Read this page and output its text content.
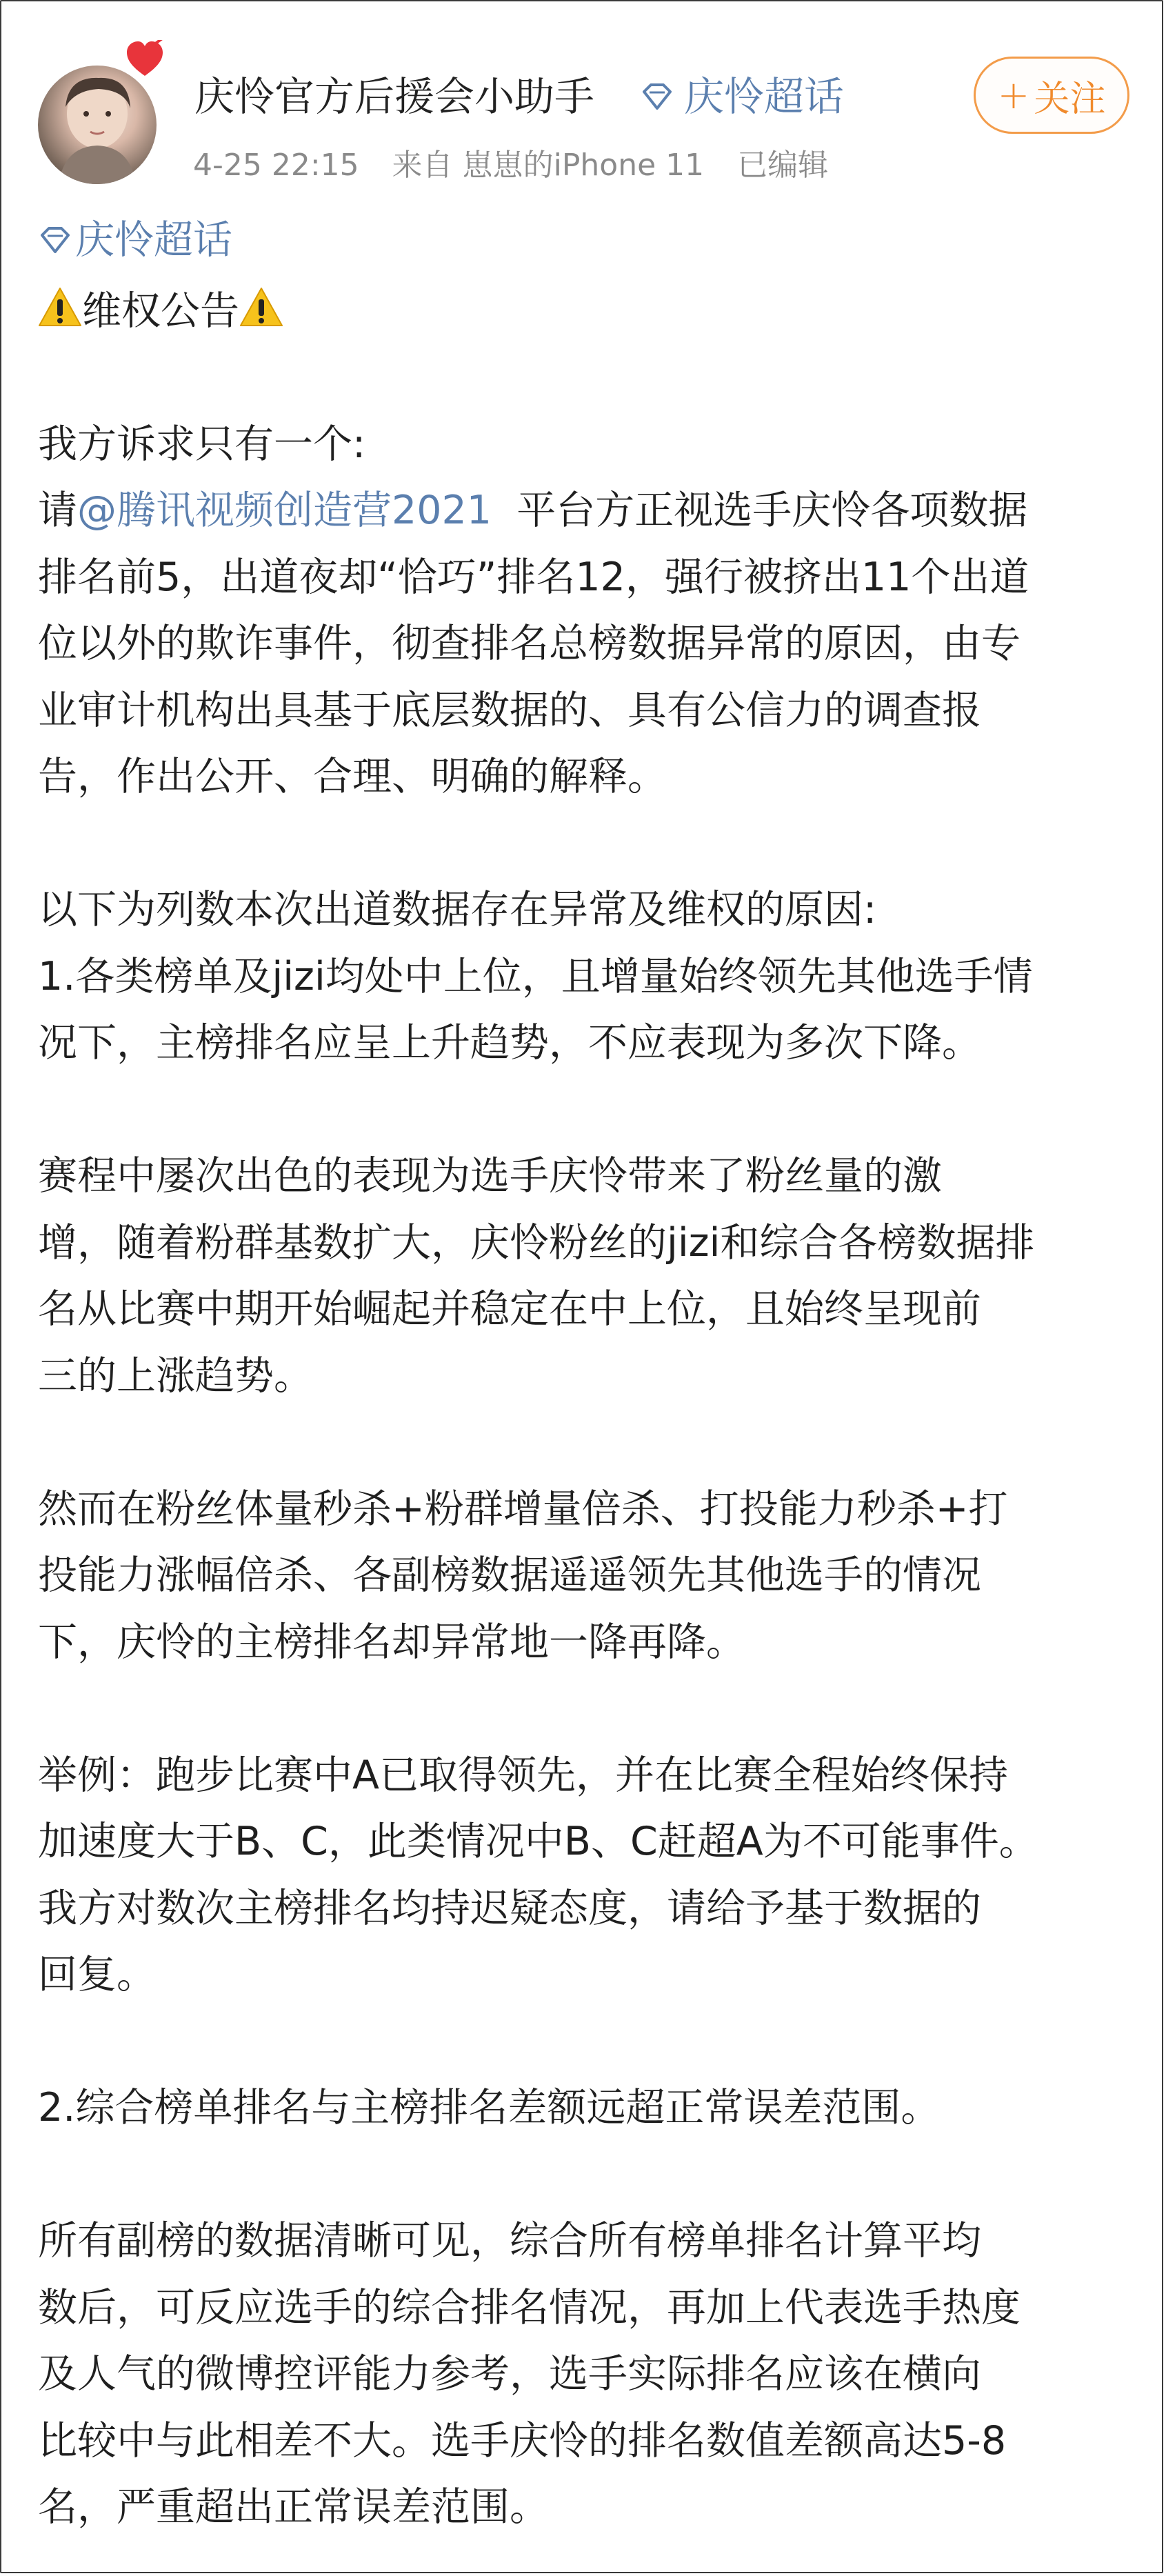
庆怜官方后援会小助手 庆怜超话
4-25 22:15 来自 崽崽的iPhone 11 已编辑
+ 关注

庆怜超话

维权公告

我方诉求只有一个:

请@腾讯视频创造营2021  平台方正视选手庆怜各项数据

排名前5，出道夜却“恰巧”排名12，强行被挤出11个出道

位以外的欺诈事件，彻查排名总榜数据异常的原因，由专

业审计机构出具基于底层数据的、具有公信力的调查报

告，作出公开、合理、明确的解释。

以下为列数本次出道数据存在异常及维权的原因:

1.各类榜单及jizi均处中上位，且增量始终领先其他选手情

况下，主榜排名应呈上升趋势，不应表现为多次下降。

赛程中屡次出色的表现为选手庆怜带来了粉丝量的激

增，随着粉群基数扩大，庆怜粉丝的jizi和综合各榜数据排

名从比赛中期开始崛起并稳定在中上位，且始终呈现前

三的上涨趋势。

然而在粉丝体量秒杀+粉群增量倍杀、打投能力秒杀+打

投能力涨幅倍杀、各副榜数据遥遥领先其他选手的情况

下，庆怜的主榜排名却异常地一降再降。

举例：跑步比赛中A已取得领先，并在比赛全程始终保持

加速度大于B、C，此类情况中B、C赶超A为不可能事件。

我方对数次主榜排名均持迟疑态度，请给予基于数据的

回复。

2.综合榜单排名与主榜排名差额远超正常误差范围。

所有副榜的数据清晰可见，综合所有榜单排名计算平均

数后，可反应选手的综合排名情况，再加上代表选手热度

及人气的微博控评能力参考，选手实际排名应该在横向

比较中与此相差不大。选手庆怜的排名数值差额高达5-8

名，严重超出正常误差范围。
